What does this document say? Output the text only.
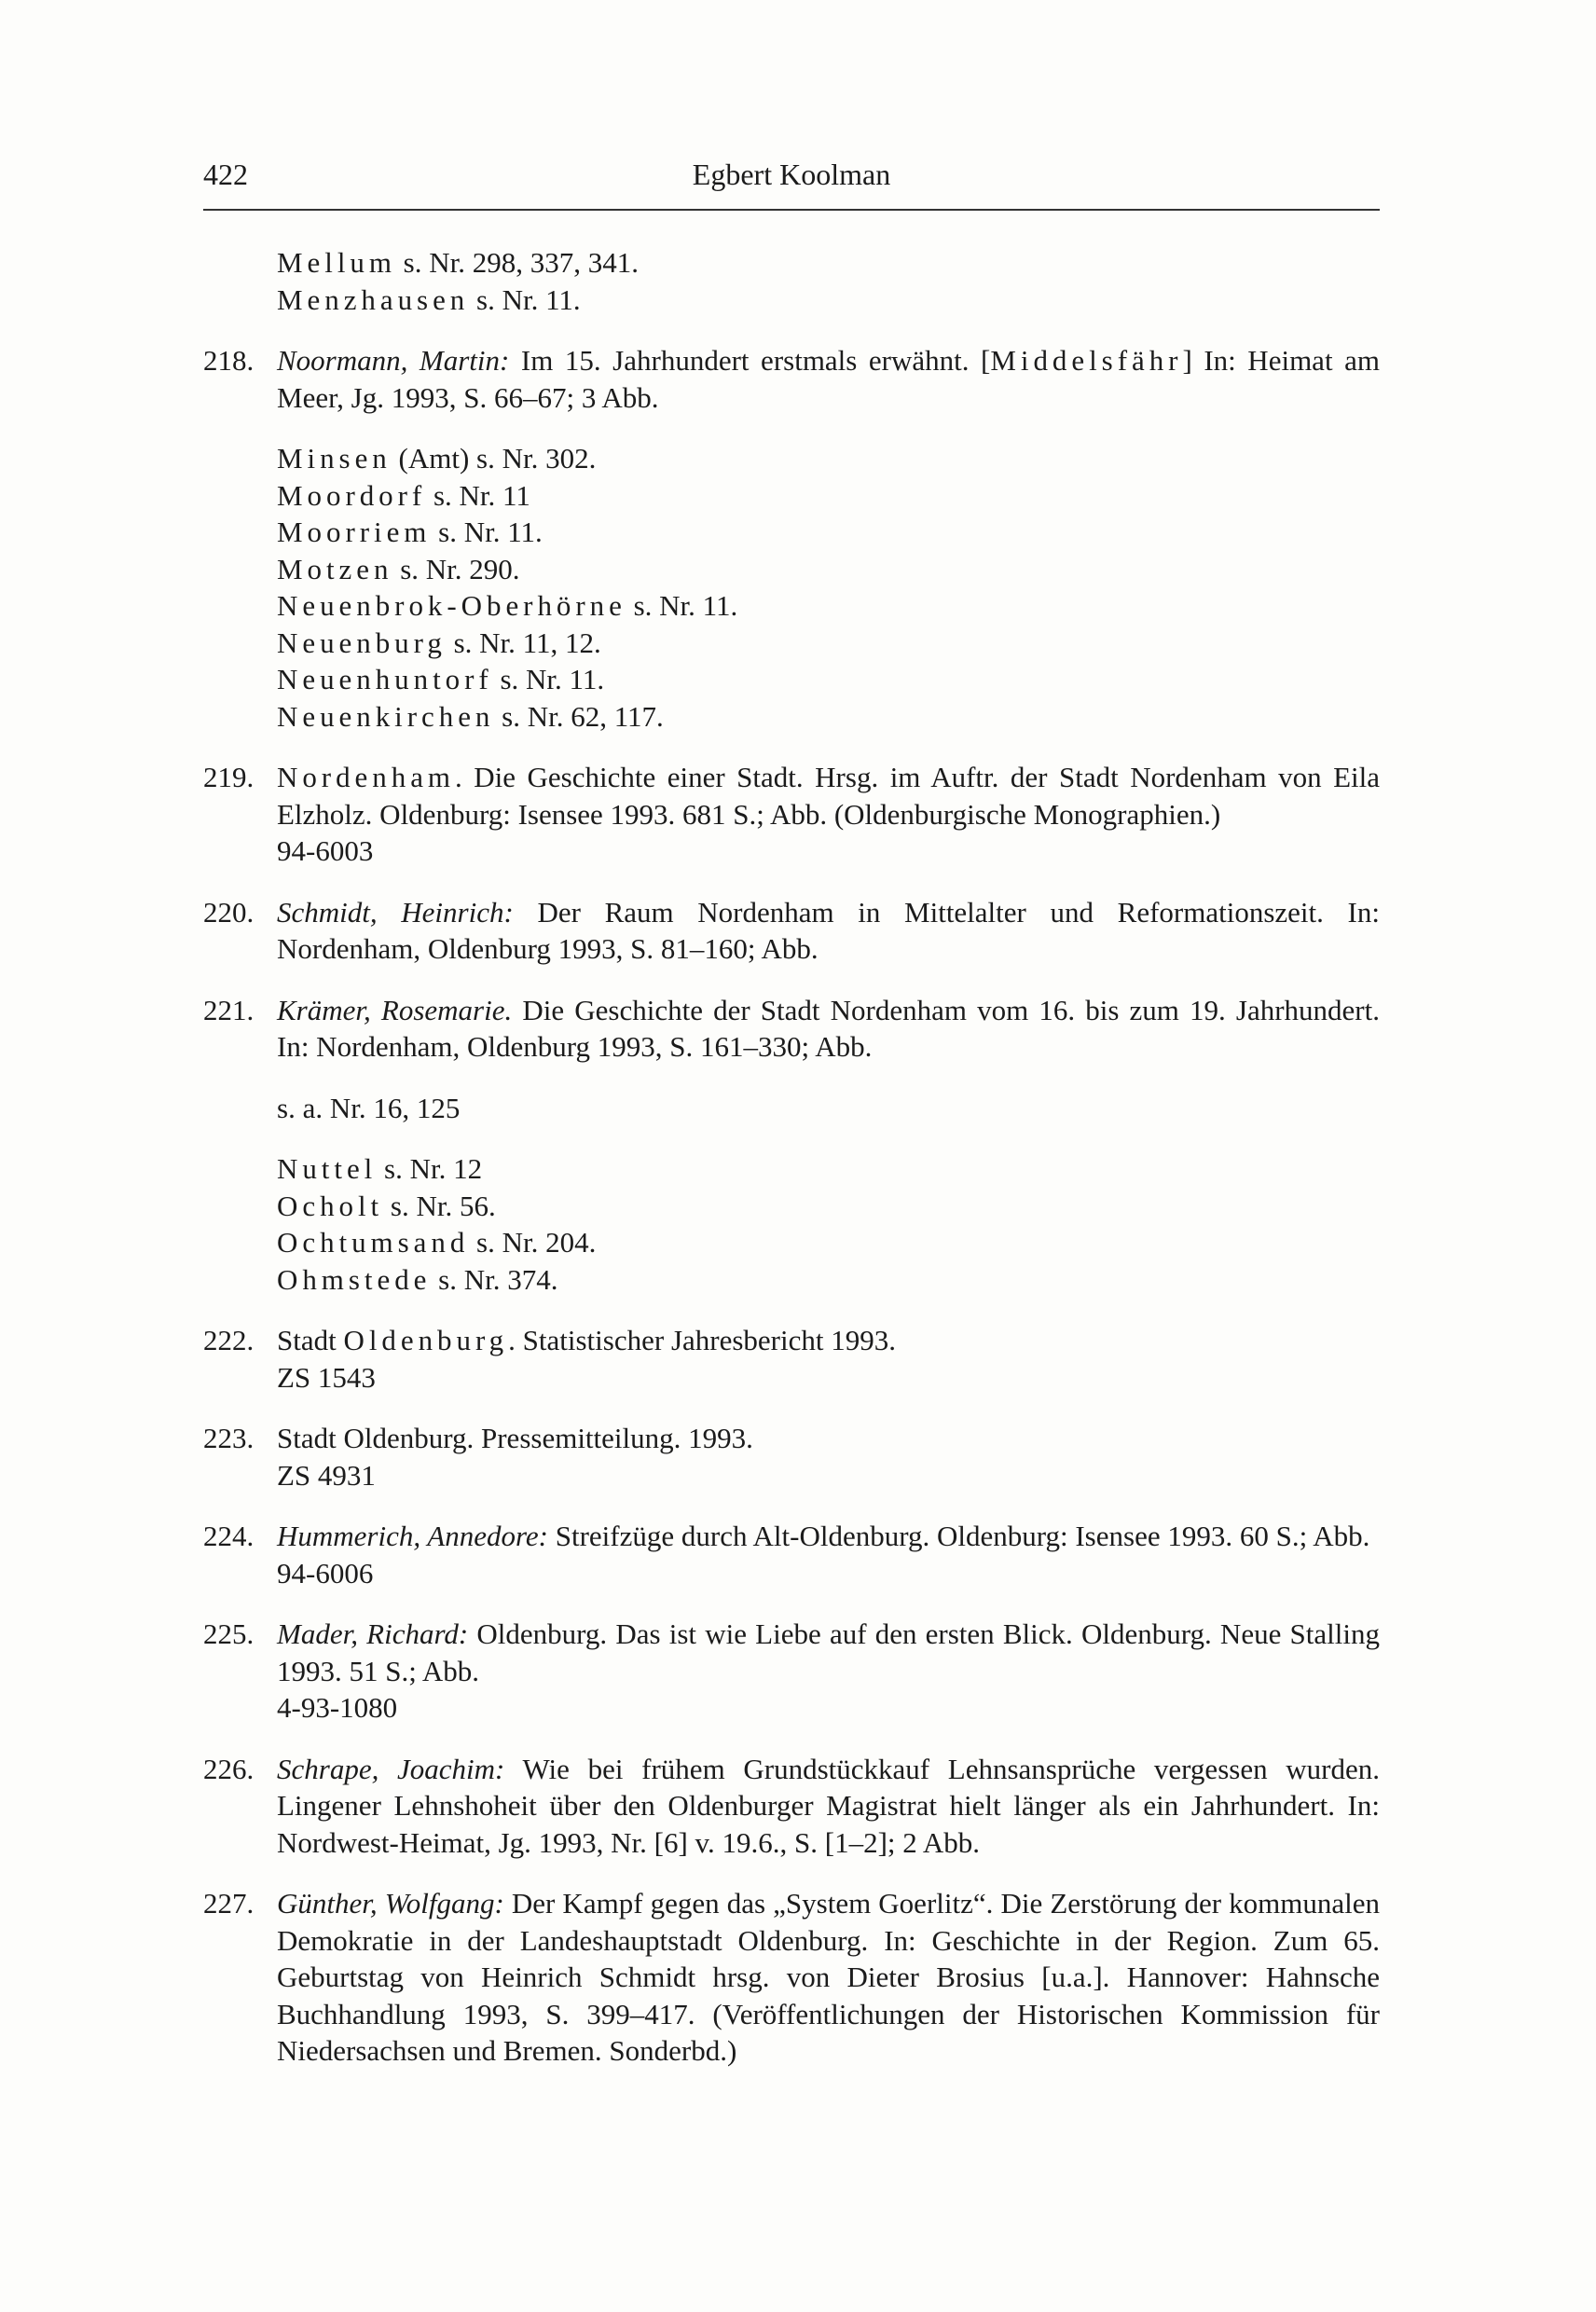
422	Egbert Koolman

Mellum s. Nr. 298, 337, 341.

Menzhausen s. Nr. 11.

218. Noormann, Martin: Im 15. Jahrhundert erstmals erwähnt. [Middelsfähr] In: Heimat am Meer, Jg. 1993, S. 66–67; 3 Abb.

Minsen (Amt) s. Nr. 302.

Moordorf s. Nr. 11

Moorriem s. Nr. 11.

Motzen s. Nr. 290.

Neuenbrok-Oberhörne s. Nr. 11.

Neuenburg s. Nr. 11, 12.

Neuenhuntorf s. Nr. 11.

Neuenkirchen s. Nr. 62, 117.

219. Nordenham. Die Geschichte einer Stadt. Hrsg. im Auftr. der Stadt Nordenham von Eila Elzholz. Oldenburg: Isensee 1993. 681 S.; Abb. (Oldenburgische Monographien.)
94-6003
220. Schmidt, Heinrich: Der Raum Nordenham in Mittelalter und Reformationszeit. In: Nordenham, Oldenburg 1993, S. 81–160; Abb.
221. Krämer, Rosemarie. Die Geschichte der Stadt Nordenham vom 16. bis zum 19. Jahrhundert. In: Nordenham, Oldenburg 1993, S. 161–330; Abb.

s. a. Nr. 16, 125

Nuttel s. Nr. 12

Ocholt s. Nr. 56.

Ochtumsand s. Nr. 204.

Ohmstede s. Nr. 374.

222. Stadt Oldenburg. Statistischer Jahresbericht 1993.
ZS 1543
223. Stadt Oldenburg. Pressemitteilung. 1993.
ZS 4931
224. Hummerich, Annedore: Streifzüge durch Alt-Oldenburg. Oldenburg: Isensee 1993. 60 S.; Abb.
94-6006
225. Mader, Richard: Oldenburg. Das ist wie Liebe auf den ersten Blick. Oldenburg. Neue Stalling 1993. 51 S.; Abb.
4-93-1080
226. Schrape, Joachim: Wie bei frühem Grundstückkauf Lehnsansprüche vergessen wurden. Lingener Lehnshoheit über den Oldenburger Magistrat hielt länger als ein Jahrhundert. In: Nordwest-Heimat, Jg. 1993, Nr. [6] v. 19.6., S. [1–2]; 2 Abb.
227. Günther, Wolfgang: Der Kampf gegen das „System Goerlitz“. Die Zerstörung der kommunalen Demokratie in der Landeshauptstadt Oldenburg. In: Geschichte in der Region. Zum 65. Geburtstag von Heinrich Schmidt hrsg. von Dieter Brosius [u.a.]. Hannover: Hahnsche Buchhandlung 1993, S. 399–417. (Veröffentlichungen der Historischen Kommission für Niedersachsen und Bremen. Sonderbd.)
